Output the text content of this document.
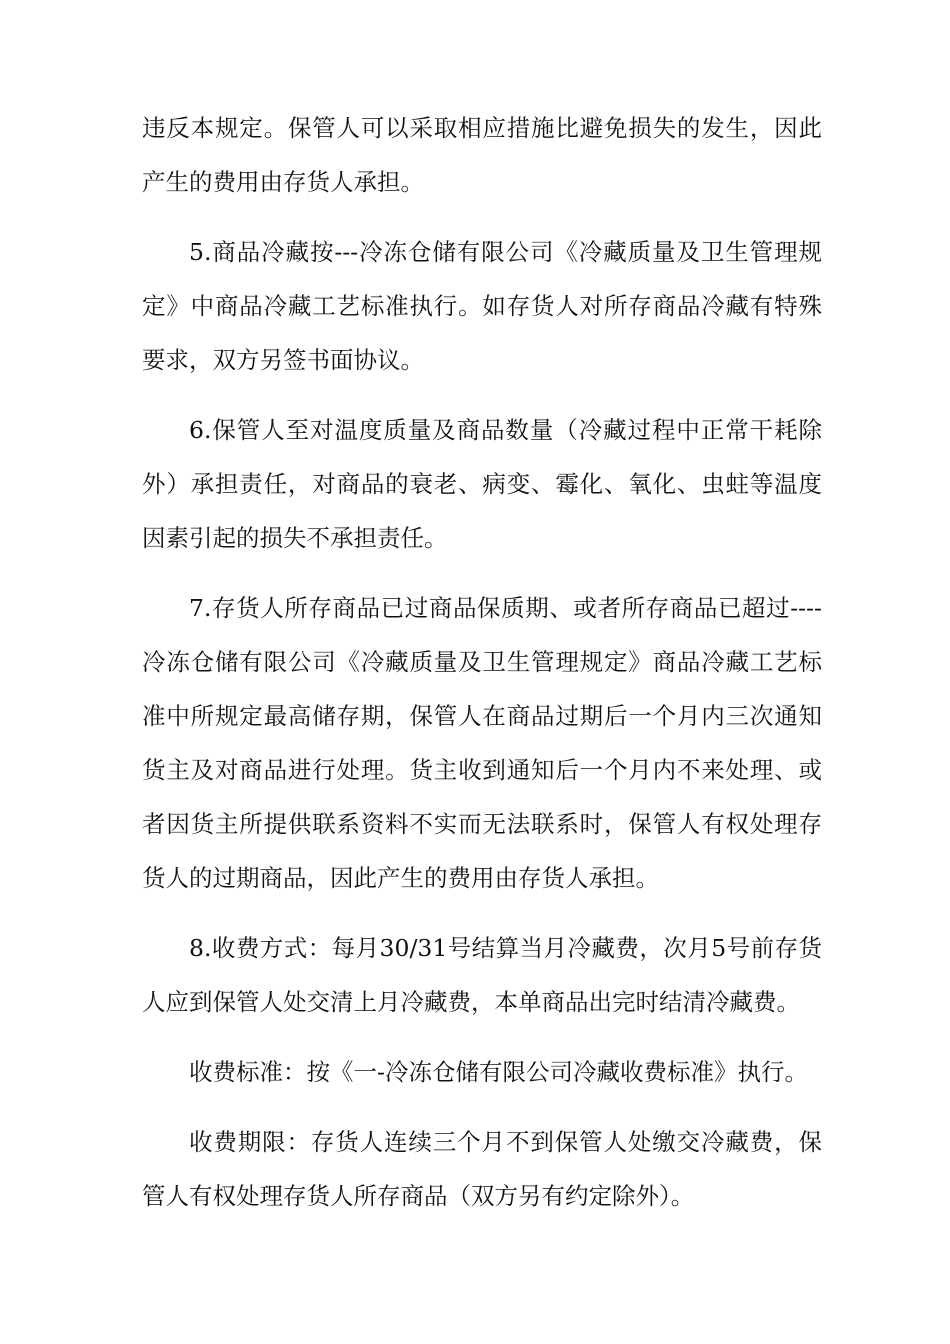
违反本规定。保管人可以采取相应措施比避免损失的发生，因此产生的费用由存货人承担。

5.商品冷藏按---冷冻仓储有限公司《冷藏质量及卫生管理规定》中商品冷藏工艺标准执行。如存货人对所存商品冷藏有特殊要求，双方另签书面协议。

6.保管人至对温度质量及商品数量（冷藏过程中正常干耗除外）承担责任，对商品的衰老、病变、霉化、氧化、虫蛀等温度因素引起的损失不承担责任。

7.存货人所存商品已过商品保质期、或者所存商品已超过----冷冻仓储有限公司《冷藏质量及卫生管理规定》商品冷藏工艺标准中所规定最高储存期，保管人在商品过期后一个月内三次通知货主及对商品进行处理。货主收到通知后一个月内不来处理、或者因货主所提供联系资料不实而无法联系时，保管人有权处理存货人的过期商品，因此产生的费用由存货人承担。

8.收费方式：每月30/31号结算当月冷藏费，次月5号前存货人应到保管人处交清上月冷藏费，本单商品出完时结清冷藏费。

收费标准：按《一-冷冻仓储有限公司冷藏收费标准》执行。

收费期限：存货人连续三个月不到保管人处缴交冷藏费，保管人有权处理存货人所存商品（双方另有约定除外）。
